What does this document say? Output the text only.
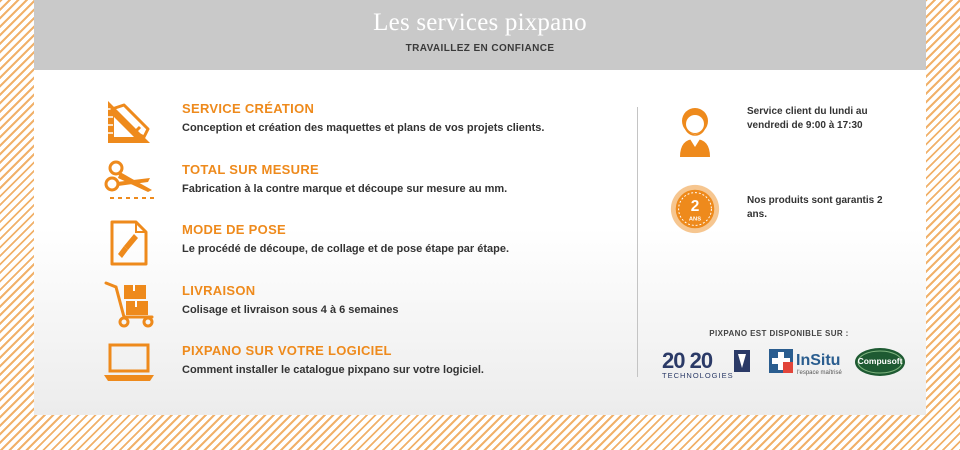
Les services pixpano
TRAVAILLEZ EN CONFIANCE
SERVICE CRÉATION
Conception et création des maquettes et plans de vos projets clients.
TOTAL SUR MESURE
Fabrication à la contre marque et découpe sur mesure au mm.
MODE DE POSE
Le procédé de découpe, de collage et de pose étape par étape.
LIVRAISON
Colisage et livraison sous 4 à 6 semaines
PIXPANO SUR VOTRE LOGICIEL
Comment installer le catalogue pixpano sur votre logiciel.
Service client du lundi au vendredi de 9:00 à 17:30
2
ANS
Nos produits sont garantis 2 ans.
PIXPANO EST DISPONIBLE SUR :
20 20
TECHNOLOGIES
InSitu
l'espace maîtrisé
Compusoft
